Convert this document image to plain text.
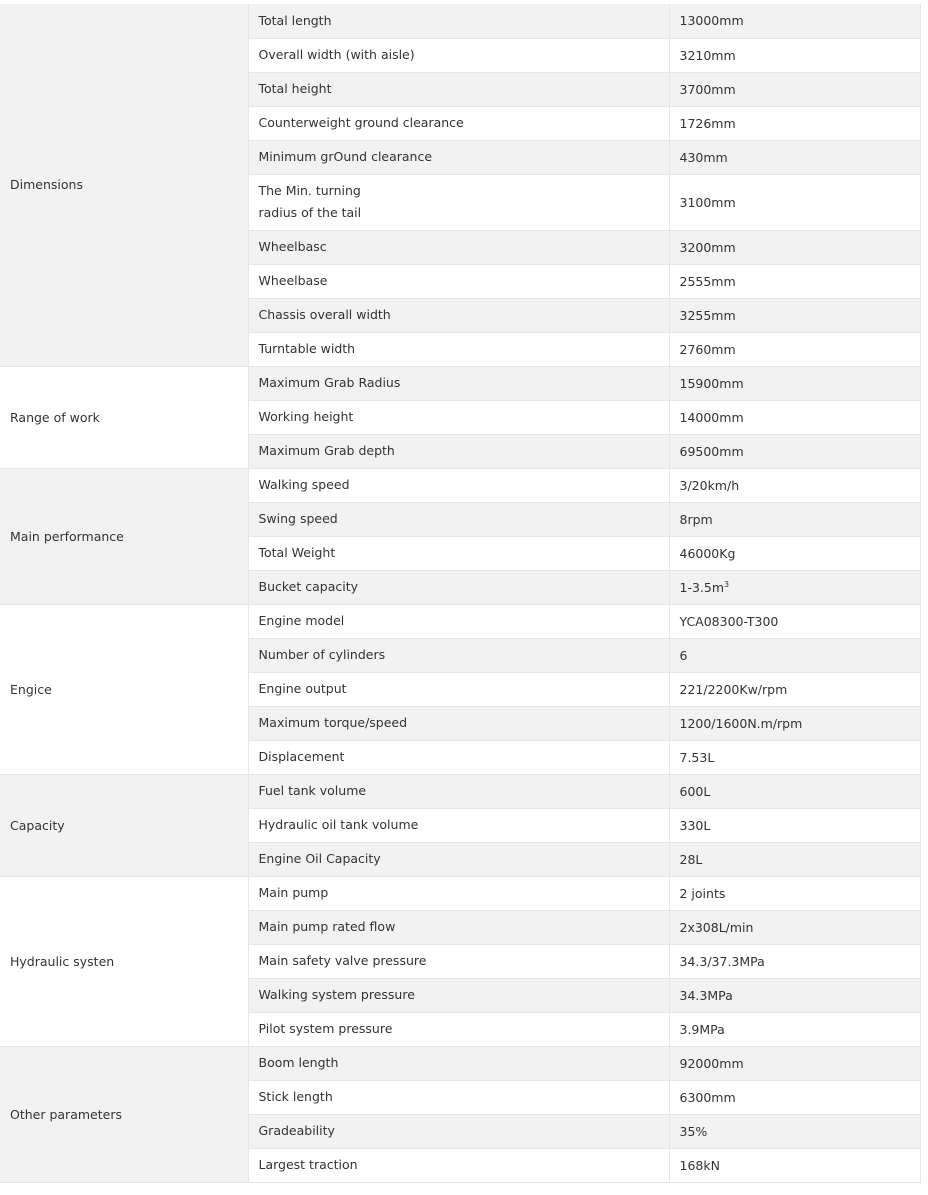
Dimensions	Total length	13000mm
	Overall width (with aisle)	3210mm
	Total height	3700mm
	Counterweight ground clearance	1726mm
	Minimum grOund clearance	430mm

	The Min. turning
radius of the tail	3100mm
	Wheelbasc	3200mm
	Wheelbase	2555mm
	Chassis overall width	3255mm
	Turntable width	2760mm
Range of work	Maximum Grab Radius	15900mm
	Working height	14000mm
	Maximum Grab depth	69500mm
Main performance	Walking speed	3/20km/h
	Swing speed	8rpm
	Total Weight	46000Kg
	Bucket capacity	$1-3.5m^3$
Engice	Engine model	YCA08300-T300
	Number of cylinders	6
	Engine output	221/2200Kw/rpm
	Maximum torque/speed	1200/1600N.m/rpm
	Displacement	7.53L
Capacity	Fuel tank volume	600L
	Hydraulic oil tank volume	330L
	Engine Oil Capacity	28L
Hydraulic systen	Main pump	2 joints
	Main pump rated flow	2x308L/min
	Main safety valve pressure	34.3/37.3MPa
	Walking system pressure	34.3MPa
	Pilot system pressure	3.9MPa
Other parameters	Boom length	92000mm
	Stick length	6300mm
	Gradeability	35%
	Largest traction	168kN
